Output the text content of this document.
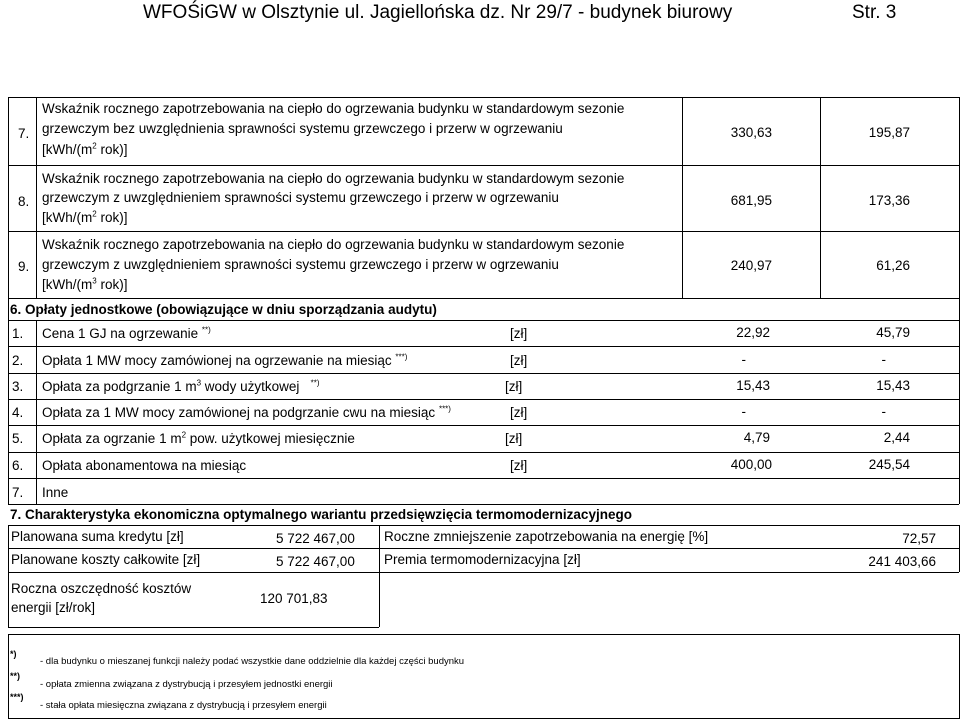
WFOŚiGW w Olsztynie ul. Jagiellońska dz. Nr 29/7 - budynek biurowy	Str. 3
7.
Wskaźnik rocznego zapotrzebowania na ciepło do ogrzewania budynku w standardowym sezonie
grzewczym bez uwzględnienia sprawności systemu grzewczego i przerw w ogrzewaniu
[$kWh/(m^2$ rok)]
330,63	195,87
8.
Wskaźnik rocznego zapotrzebowania na ciepło do ogrzewania budynku w standardowym sezonie
grzewczym z uwzględnieniem sprawności systemu grzewczego i przerw w ogrzewaniu
[$kWh/(m^2$ rok)]
681,95	173,36
9.
Wskaźnik rocznego zapotrzebowania na ciepło do ogrzewania budynku w standardowym sezonie
grzewczym z uwzględnieniem sprawności systemu grzewczego i przerw w ogrzewaniu
[$kWh/(m^3$ rok)]
240,97	61,26
6. Opłaty jednostkowe (obowiązujące w dniu sporządzania audytu)
1. Cena 1 GJ na ogrzewanie **)	[zł]	22,92	45,79
2. Opłata 1 MW mocy zamówionej na ogrzewanie na miesiąc ***)	[zł]	-	-
3. Opłata za podgrzanie 1 $m^3$ wody użytkowej **)	[zł]	15,43	15,43
4. Opłata za 1 MW mocy zamówionej na podgrzanie cwu na miesiąc ***)	[zł]	-	-
5. Opłata za ogrzanie 1 $m^2$ pow. użytkowej miesięcznie	[zł]	4,79	2,44
6. Opłata abonamentowa na miesiąc	[zł]	400,00	245,54
7. Inne
7. Charakterystyka ekonomiczna optymalnego wariantu przedsięwzięcia termomodernizacyjnego
Planowana suma kredytu [zł]	5 722 467,00 Roczne zmniejszenie zapotrzebowania na energię [%]	72,57
Planowane koszty całkowite [zł]	5 722 467,00 Premia termomodernizacyjna [zł]	241 403,66
Roczna oszczędność kosztów
energii [zł/rok]
120 701,83
*)
- dla budynku o mieszanej funkcji należy podać wszystkie dane oddzielnie dla każdej części budynku
**)
- opłata zmienna związana z dystrybucją i przesyłem jednostki energii
***)
- stała opłata miesięczna związana z dystrybucją i przesyłem energii
